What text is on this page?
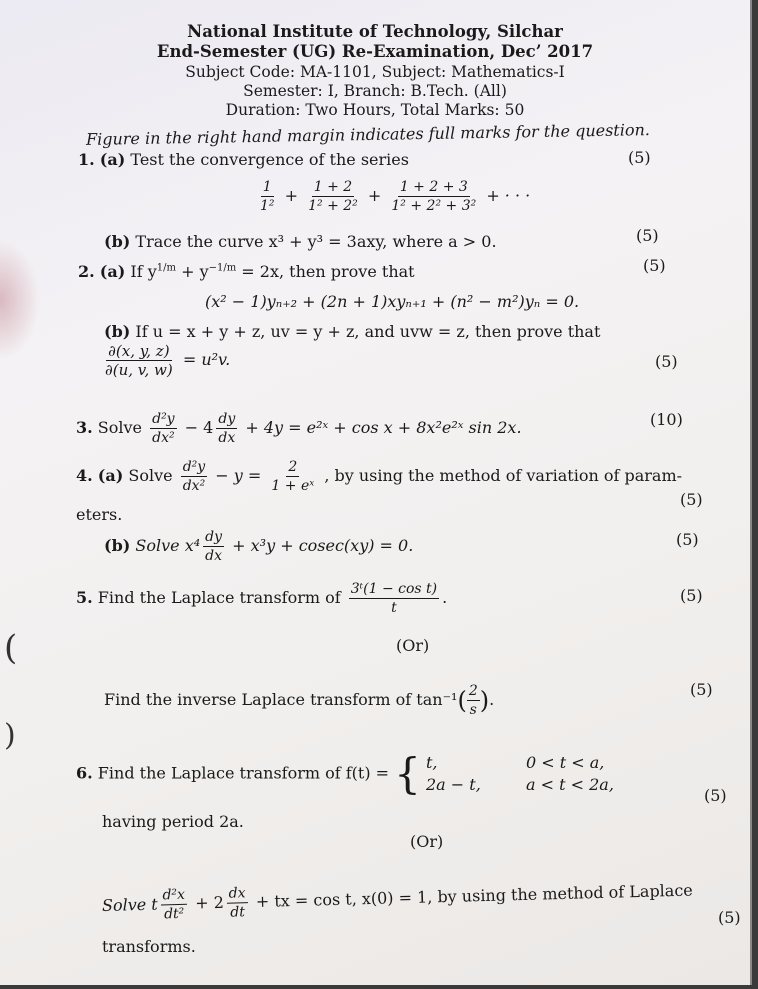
National Institute of Technology, Silchar
End-Semester (UG) Re-Examination, Dec’ 2017
Subject Code: MA-1101, Subject: Mathematics-I
Semester: I, Branch: B.Tech. (All)
Duration: Two Hours, Total Marks: 50
Figure in the right hand margin indicates full marks for the question.
1. (a) Test the convergence of the series	(5)
$\frac{1}{\text{1²}} + \frac{1 + 2}{\text{1² + 2²}} + \frac{1 + 2 + 3}{\text{1² + 2² + 3²}}$ + · · ·
(b) Trace the curve x³ + y³ = 3axy, where a > 0.	(5)
2. (a) If $y^{1/m} + y^{-1/m} = 2x$, then prove that	(5)
(x² − 1)yₙ₊₂ + (2n + 1)xyₙ₊₁ + (n² − m²)yₙ = 0.
(b) If u = x + y + z, uv = y + z, and uvw = z, then prove that
$\frac{\partial(x, y, z)}{\partial(u, v, w)} = u^2v$.	(5)
3. Solve $\frac{\text{d²y}}{\text{dx²}} - 4 \frac{dy}{dx} + 4y$ = e²ˣ + cos x + 8x²e²ˣ sin 2x.	(10)
4. (a) Solve $\frac{\text{d²y}}{\text{dx²}} - y = \frac{2}{\text{1 + eˣ}}$ , by using the method of variation of param-
eters.
(5)
(b) Solve $x^4 \frac{dy}{dx} + x^3y + cosec(xy) = 0$.	(5)
5. Find the Laplace transform of $\frac{\text{3ᵗ(1 − cos t)}}{t}$ .	(5)
(Or)
Find the inverse Laplace transform of $\tan^{-1}( \frac{2}{s}$ ).
(5)
6. Find the Laplace transform of f(t) = { t,	0 < t < a,
2a − t,	a < t < 2a,
having period 2a.
(5)
(Or)
Solve t $\frac{\text{d²x}}{\text{dt²}} + 2 \frac{dx}{dt}$ + tx = cos t, x(0) = 1, by using the method of Laplace
transforms.
(5)
(
)
